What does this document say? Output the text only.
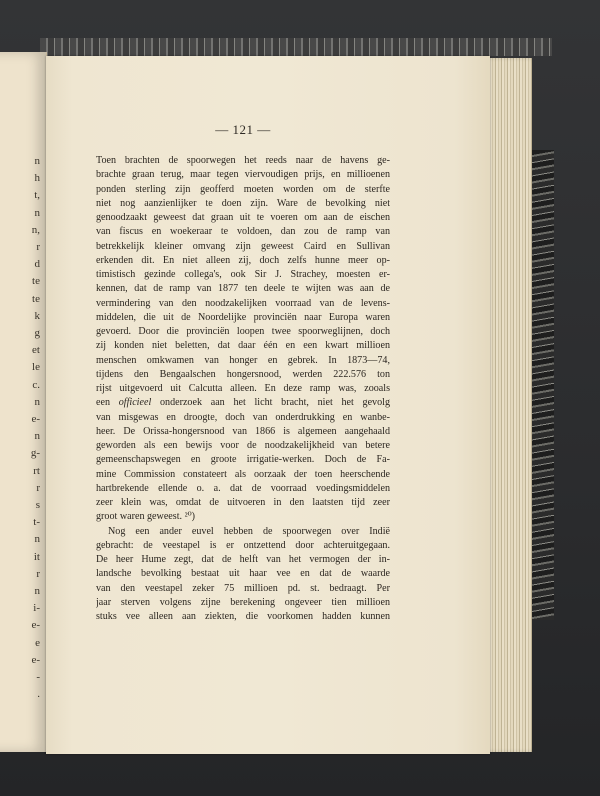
n
h
t,
n
n,
r
d
te
te
k
g
et
le
c.
n
e-
n
g-
rt
r
s
t-
n
it
r
n
i-
e-
e
e-
-
.
— 121 —
Toen brachten de spoorwegen het reeds naar de havens ge-
brachte graan terug, maar tegen viervoudigen prijs, en millioenen
ponden sterling zijn geofferd moeten worden om de sterfte
niet nog aanzienlijker te doen zijn. Ware de bevolking niet
genoodzaakt geweest dat graan uit te voeren om aan de eischen
van fiscus en woekeraar te voldoen, dan zou de ramp van
betrekkelijk kleiner omvang zijn geweest Caird en Sullivan
erkenden dit. En niet alleen zij, doch zelfs hunne meer op-
timistisch gezinde collega's, ook Sir J. Strachey, moesten er-
kennen, dat de ramp van 1877 ten deele te wijten was aan de
vermindering van den noodzakelijken voorraad van de levens-
middelen, die uit de Noordelijke provinciën naar Europa waren
gevoerd. Door die provinciën loopen twee spoorweglijnen, doch
zij konden niet beletten, dat daar één en een kwart millioen
menschen omkwamen van honger en gebrek. In 1873—74,
tijdens den Bengaalschen hongersnood, werden 222.576 ton
rijst uitgevoerd uit Calcutta alleen. En deze ramp was, zooals
een officieel onderzoek aan het licht bracht, niet het gevolg
van misgewas en droogte, doch van onderdrukking en wanbe-
heer. De Orissa-hongersnood van 1866 is algemeen aangehaald
geworden als een bewijs voor de noodzakelijkheid van betere
gemeenschapswegen en groote irrigatie-werken. Doch de Fa-
mine Commission constateert als oorzaak der toen heerschende
hartbrekende ellende o. a. dat de voorraad voedingsmiddelen
zeer klein was, omdat de uitvoeren in den laatsten tijd zeer
groot waren geweest. ²⁰)
Nog een ander euvel hebben de spoorwegen over Indië
gebracht: de veestapel is er ontzettend door achteruitgegaan.
De heer Hume zegt, dat de helft van het vermogen der in-
landsche bevolking bestaat uit haar vee en dat de waarde
van den veestapel zeker 75 millioen pd. st. bedraagt. Per
jaar sterven volgens zijne berekening ongeveer tien millioen
stuks vee alleen aan ziekten, die voorkomen hadden kunnen
